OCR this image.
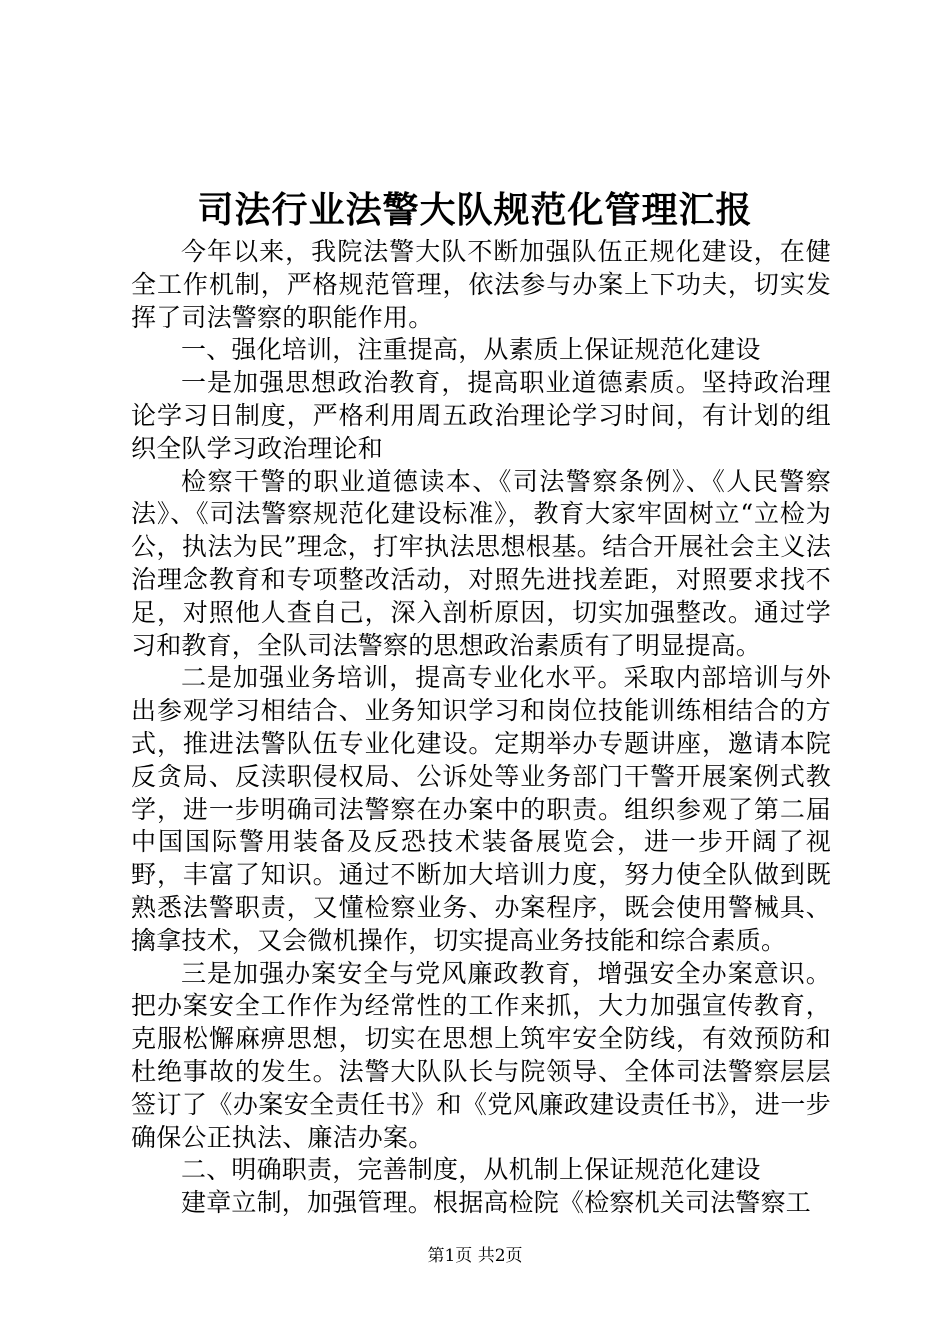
司法行业法警大队规范化管理汇报

今年以来，我院法警大队不断加强队伍正规化建设，在健全工作机制，严格规范管理，依法参与办案上下功夫，切实发挥了司法警察的职能作用。

一、强化培训，注重提高，从素质上保证规范化建设

一是加强思想政治教育，提高职业道德素质。坚持政治理论学习日制度，严格利用周五政治理论学习时间，有计划的组织全队学习政治理论和

检察干警的职业道德读本、《司法警察条例》、《人民警察法》、《司法警察规范化建设标准》，教育大家牢固树立“立检为公，执法为民”理念，打牢执法思想根基。结合开展社会主义法治理念教育和专项整改活动，对照先进找差距，对照要求找不足，对照他人查自己，深入剖析原因，切实加强整改。通过学习和教育，全队司法警察的思想政治素质有了明显提高。

二是加强业务培训，提高专业化水平。采取内部培训与外出参观学习相结合、业务知识学习和岗位技能训练相结合的方式，推进法警队伍专业化建设。定期举办专题讲座，邀请本院反贪局、反渎职侵权局、公诉处等业务部门干警开展案例式教学，进一步明确司法警察在办案中的职责。组织参观了第二届中国国际警用装备及反恐技术装备展览会，进一步开阔了视野，丰富了知识。通过不断加大培训力度，努力使全队做到既熟悉法警职责，又懂检察业务、办案程序，既会使用警械具、擒拿技术，又会微机操作，切实提高业务技能和综合素质。

三是加强办案安全与党风廉政教育，增强安全办案意识。把办案安全工作作为经常性的工作来抓，大力加强宣传教育，克服松懈麻痹思想，切实在思想上筑牢安全防线，有效预防和杜绝事故的发生。法警大队队长与院领导、全体司法警察层层签订了《办案安全责任书》和《党风廉政建设责任书》，进一步确保公正执法、廉洁办案。

二、明确职责，完善制度，从机制上保证规范化建设

建章立制，加强管理。根据高检院《检察机关司法警察工

第1页 共2页
